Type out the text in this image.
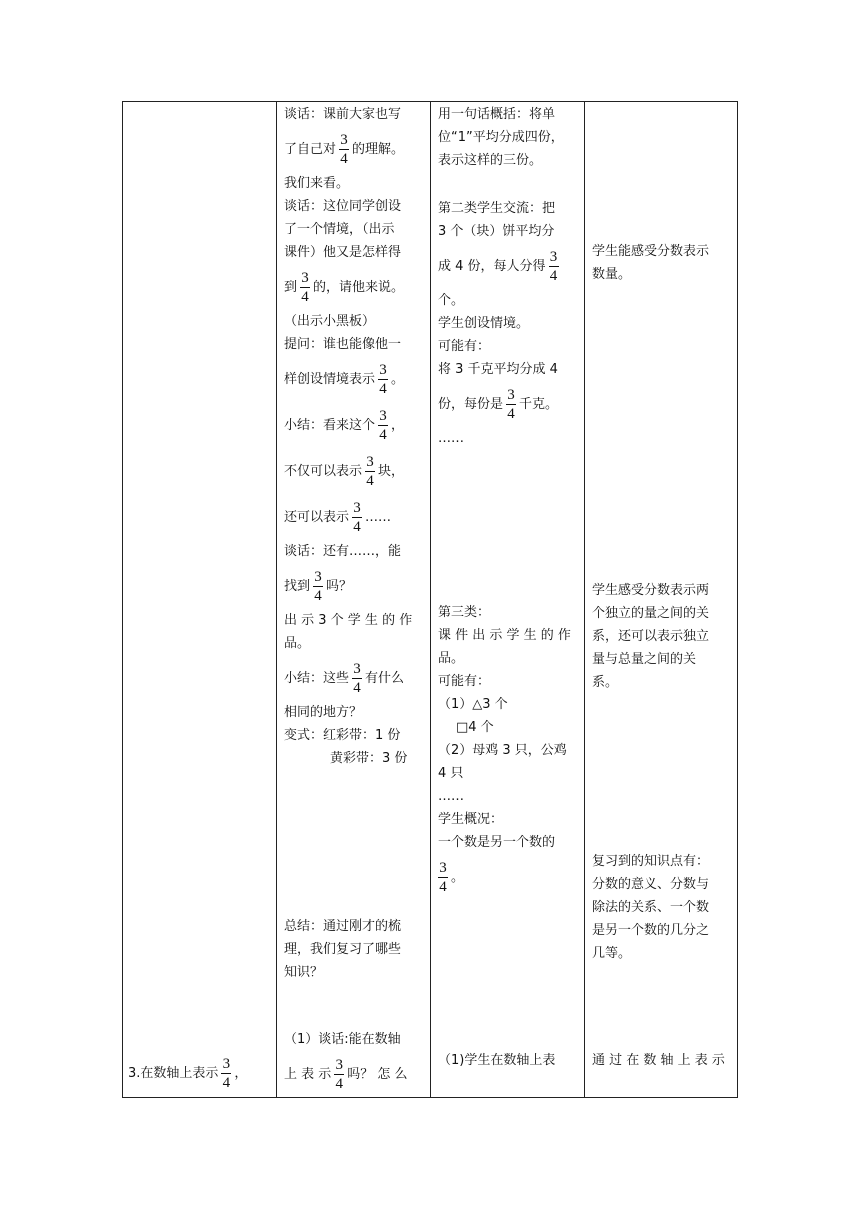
3.在数轴上表示 $\frac{3}{4}$ ，
谈话：课前大家也写
了自己对 $\frac{3}{4}$ 的理解。
我们来看。
谈话：这位同学创设
了一个情境，（出示
课件）他又是怎样得
到 $\frac{3}{4}$ 的，请他来说。
（出示小黑板）
提问：谁也能像他一
样创设情境表示 $\frac{3}{4}$ 。
小结：看来这个 $\frac{3}{4}$ ，
不仅可以表示 $\frac{3}{4}$ 块，
还可以表示 $\frac{3}{4}$ ……
谈话：还有……，能
找到 $\frac{3}{4}$ 吗？
出 示 3 个 学 生 的 作
品。
小结：这些 $\frac{3}{4}$ 有什么
相同的地方？
变式：红彩带：1 份
黄彩带：3 份
总结：通过刚才的梳
理，我们复习了哪些
知识？
（1）谈话:能在数轴
上 表 示 $\frac{3}{4}$ 吗？ 怎 么
用一句话概括：将单
位“1”平均分成四份，
表示这样的三份。
第二类学生交流：把
3 个（块）饼平均分
成 4 份，每人分得 $\frac{3}{4}$
个。
学生创设情境。
可能有：
将 3 千克平均分成 4
份，每份是 $\frac{3}{4}$ 千克。
……
第三类：
课 件 出 示 学 生 的 作
品。
可能有：
（1）△3 个
□4 个
（2）母鸡 3 只，公鸡
4 只
……
学生概况：
一个数是另一个数的
$\frac{3}{4}$ 。
（1)学生在数轴上表
学生能感受分数表示
数量。
学生感受分数表示两
个独立的量之间的关
系，还可以表示独立
量与总量之间的关
系。
复习到的知识点有：
分数的意义、分数与
除法的关系、一个数
是另一个数的几分之
几等。
通 过 在 数 轴 上 表 示
